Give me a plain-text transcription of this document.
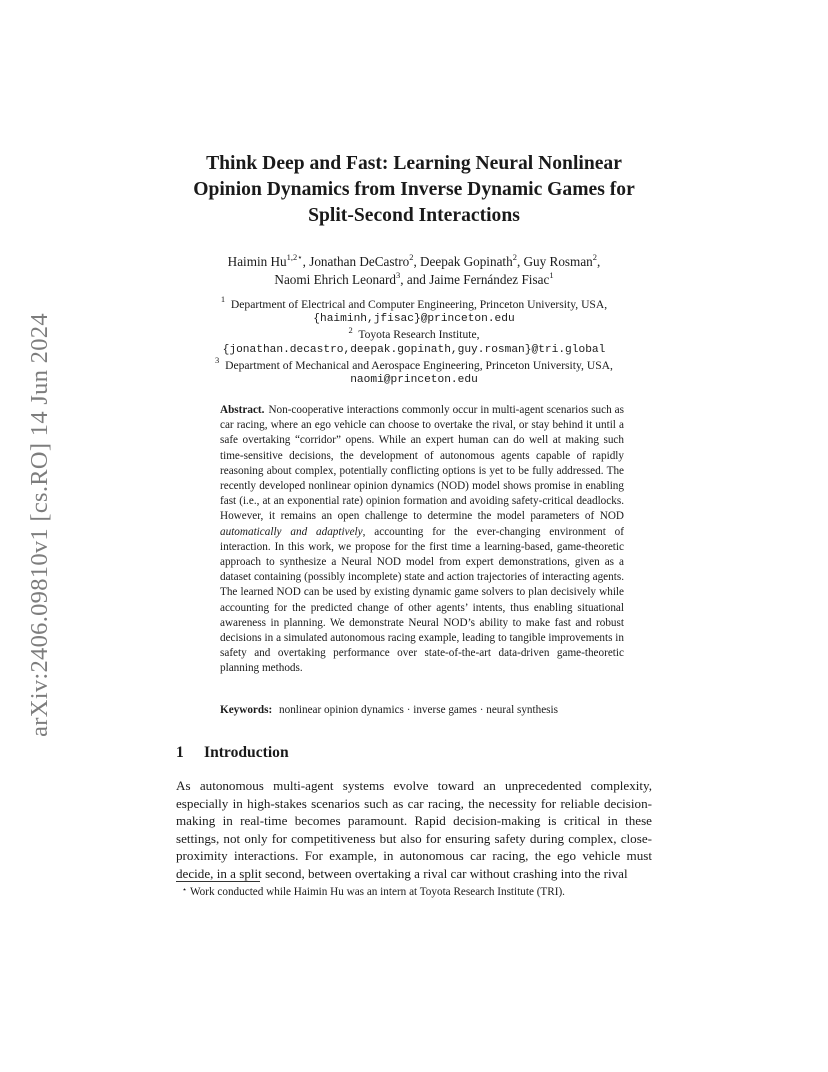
arXiv:2406.09810v1 [cs.RO] 14 Jun 2024
Think Deep and Fast: Learning Neural Nonlinear
Opinion Dynamics from Inverse Dynamic Games for
Split-Second Interactions
Haimin $Hu^{1,2⋆}$, Jonathan DeCastro$^2$, Deepak Gopinath$^2$, Guy Rosman$^2$,
Naomi Ehrich Leonard$^3$, and Jaime Fernández Fisac$^1$
$^1$ Department of Electrical and Computer Engineering, Princeton University, USA,
{haiminh,jfisac}@princeton.edu
$^2$ Toyota Research Institute,
{jonathan.decastro,deepak.gopinath,guy.rosman}@tri.global
$^3$ Department of Mechanical and Aerospace Engineering, Princeton University, USA,
naomi@princeton.edu

Abstract. Non-cooperative interactions commonly occur in multi-agent scenarios such as car racing, where an ego vehicle can choose to overtake the rival, or stay behind it until a safe overtaking “corridor” opens. While an expert human can do well at making such time-sensitive decisions, the development of autonomous agents capable of rapidly reasoning about complex, potentially conflicting options is yet to be fully addressed. The recently developed nonlinear opinion dynamics (NOD) model shows promise in enabling fast (i.e., at an exponential rate) opinion formation and avoiding safety-critical deadlocks. However, it remains an open challenge to determine the model parameters of NOD automatically and adaptively, accounting for the ever-changing environment of interaction. In this work, we propose for the first time a learning-based, game-theoretic approach to synthesize a Neural NOD model from expert demonstrations, given as a dataset containing (possibly incomplete) state and action trajectories of interacting agents. The learned NOD can be used by existing dynamic game solvers to plan decisively while accounting for the predicted change of other agents’ intents, thus enabling situational awareness in planning. We demonstrate Neural NOD’s ability to make fast and robust decisions in a simulated autonomous racing example, leading to tangible improvements in safety and overtaking performance over state-of-the-art data-driven game-theoretic planning methods.

Keywords: nonlinear opinion dynamics · inverse games · neural synthesis
1 Introduction

As autonomous multi-agent systems evolve toward an unprecedented complexity, especially in high-stakes scenarios such as car racing, the necessity for reliable decision-making in real-time becomes paramount. Rapid decision-making is critical in these settings, not only for competitiveness but also for ensuring safety during complex, close-proximity interactions. For example, in autonomous car racing, the ego vehicle must decide, in a split second, between overtaking a rival car without crashing into the rival

⋆ Work conducted while Haimin Hu was an intern at Toyota Research Institute (TRI).
